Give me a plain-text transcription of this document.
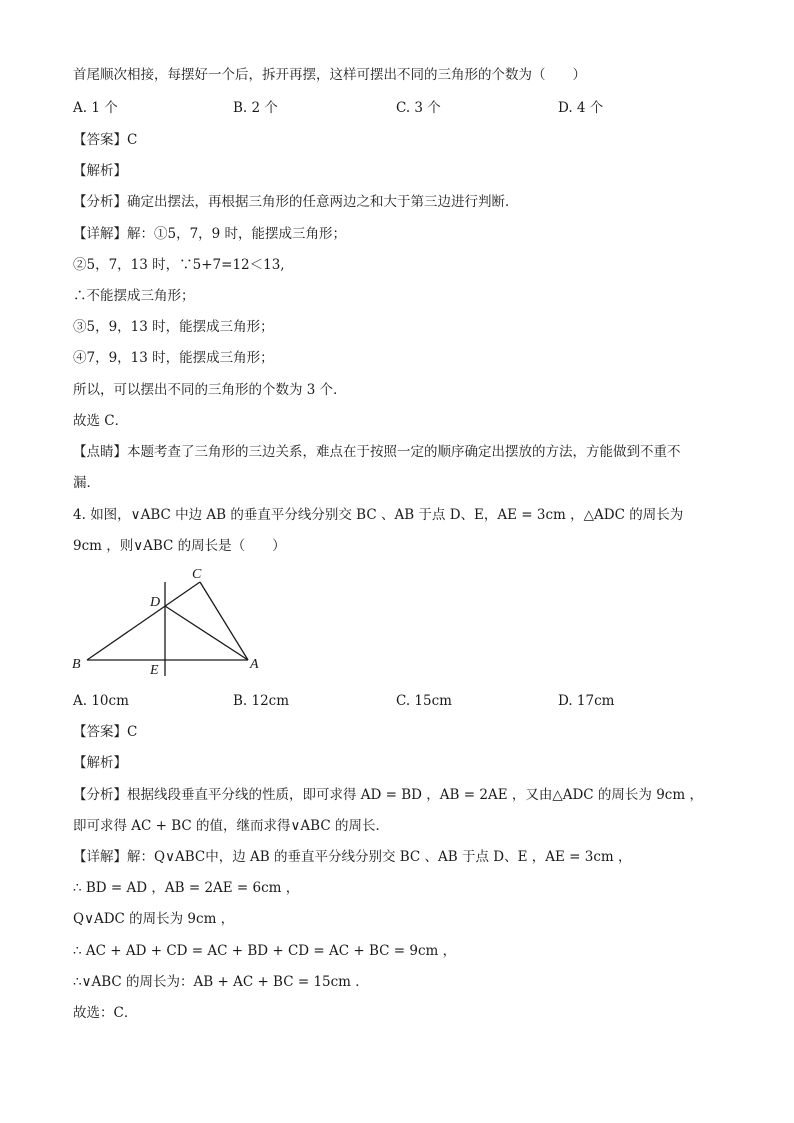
首尾顺次相接，每摆好一个后，拆开再摆，这样可摆出不同的三角形的个数为（　　）
A. 1 个	B. 2 个	C. 3 个	D. 4 个
【答案】C
【解析】
【分析】确定出摆法，再根据三角形的任意两边之和大于第三边进行判断．
【详解】解：①5，7，9 时，能摆成三角形；
②5，7，13 时，∵5+7=12＜13,
∴不能摆成三角形；
③5，9，13 时，能摆成三角形；
④7，9，13 时，能摆成三角形；
所以，可以摆出不同的三角形的个数为 3 个．
故选 C．
【点睛】本题考查了三角形的三边关系，难点在于按照一定的顺序确定出摆放的方法，方能做到不重不
漏．
4. 如图，∨ABC 中边 AB 的垂直平分线分别交 BC 、AB 于点 D、E，AE = 3cm ，△ADC 的周长为
9cm ，则∨ABC 的周长是（　　）
C
D
B	E	A
A. 10cm	B. 12cm	C. 15cm	D. 17cm
【答案】C
【解析】
【分析】根据线段垂直平分线的性质，即可求得 AD = BD ，AB = 2AE ，又由△ADC 的周长为 9cm ，
即可求得 AC + BC 的值，继而求得∨ABC 的周长．
【详解】解：Q∨ABC中，边 AB 的垂直平分线分别交 BC 、AB 于点 D、E ，AE = 3cm ，
∴ BD = AD ，AB = 2AE = 6cm ，
Q∨ADC 的周长为 9cm ，
∴ AC + AD + CD = AC + BD + CD = AC + BC = 9cm ，
∴∨ABC 的周长为：AB + AC + BC = 15cm ．
故选：C．
